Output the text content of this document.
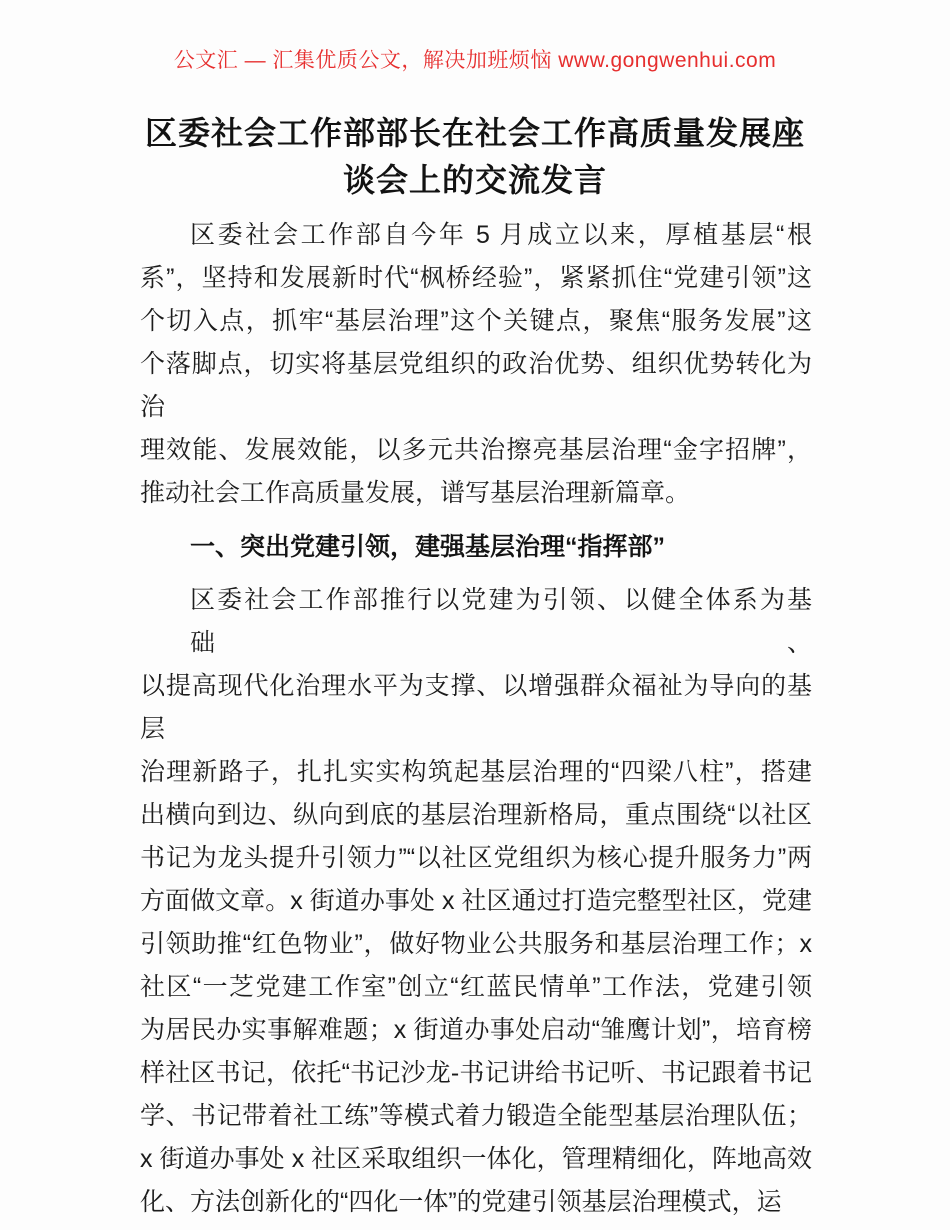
公文汇 — 汇集优质公文，解决加班烦恼 www.gongwenhui.com
区委社会工作部部长在社会工作高质量发展座
谈会上的交流发言
区委社会工作部自今年 5 月成立以来，厚植基层“根
系”，坚持和发展新时代“枫桥经验”，紧紧抓住“党建引领”这
个切入点，抓牢“基层治理”这个关键点，聚焦“服务发展”这
个落脚点，切实将基层党组织的政治优势、组织优势转化为治
理效能、发展效能，以多元共治擦亮基层治理“金字招牌”，
推动社会工作高质量发展，谱写基层治理新篇章。
一、突出党建引领，建强基层治理“指挥部”
区委社会工作部推行以党建为引领、以健全体系为基础、
以提高现代化治理水平为支撑、以增强群众福祉为导向的基层
治理新路子，扎扎实实构筑起基层治理的“四梁八柱”，搭建
出横向到边、纵向到底的基层治理新格局，重点围绕“以社区
书记为龙头提升引领力”“以社区党组织为核心提升服务力”两
方面做文章。x 街道办事处 x 社区通过打造完整型社区，党建
引领助推“红色物业”，做好物业公共服务和基层治理工作；x
社区“一芝党建工作室”创立“红蓝民情单”工作法，党建引领
为居民办实事解难题；x 街道办事处启动“雏鹰计划”，培育榜
样社区书记，依托“书记沙龙-书记讲给书记听、书记跟着书记
学、书记带着社工练”等模式着力锻造全能型基层治理队伍；
x 街道办事处 x 社区采取组织一体化，管理精细化，阵地高效
化、方法创新化的“四化一体”的党建引领基层治理模式，运
